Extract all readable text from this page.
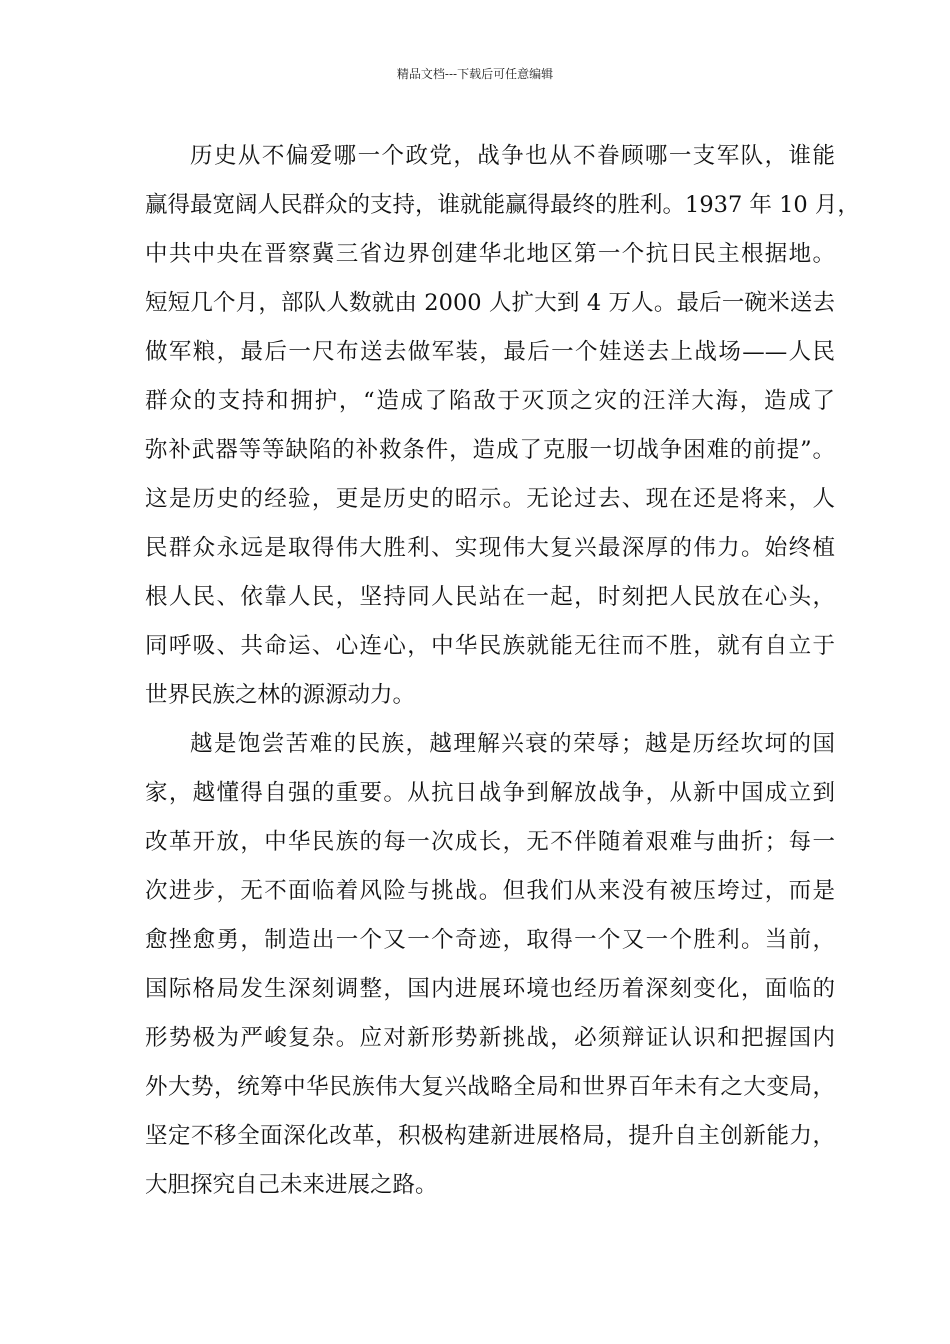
精品文档---下载后可任意编辑
历史从不偏爱哪一个政党，战争也从不眷顾哪一支军队，谁能
赢得最宽阔人民群众的支持，谁就能赢得最终的胜利。1937 年 10 月，
中共中央在晋察冀三省边界创建华北地区第一个抗日民主根据地。
短短几个月，部队人数就由 2000 人扩大到 4 万人。最后一碗米送去
做军粮，最后一尺布送去做军装，最后一个娃送去上战场——人民
群众的支持和拥护，“造成了陷敌于灭顶之灾的汪洋大海，造成了
弥补武器等等缺陷的补救条件，造成了克服一切战争困难的前提”。
这是历史的经验，更是历史的昭示。无论过去、现在还是将来，人
民群众永远是取得伟大胜利、实现伟大复兴最深厚的伟力。始终植
根人民、依靠人民，坚持同人民站在一起，时刻把人民放在心头，
同呼吸、共命运、心连心，中华民族就能无往而不胜，就有自立于
世界民族之林的源源动力。
越是饱尝苦难的民族，越理解兴衰的荣辱；越是历经坎坷的国
家，越懂得自强的重要。从抗日战争到解放战争，从新中国成立到
改革开放，中华民族的每一次成长，无不伴随着艰难与曲折；每一
次进步，无不面临着风险与挑战。但我们从来没有被压垮过，而是
愈挫愈勇，制造出一个又一个奇迹，取得一个又一个胜利。当前，
国际格局发生深刻调整，国内进展环境也经历着深刻变化，面临的
形势极为严峻复杂。应对新形势新挑战，必须辩证认识和把握国内
外大势，统筹中华民族伟大复兴战略全局和世界百年未有之大变局，
坚定不移全面深化改革，积极构建新进展格局，提升自主创新能力，
大胆探究自己未来进展之路。
